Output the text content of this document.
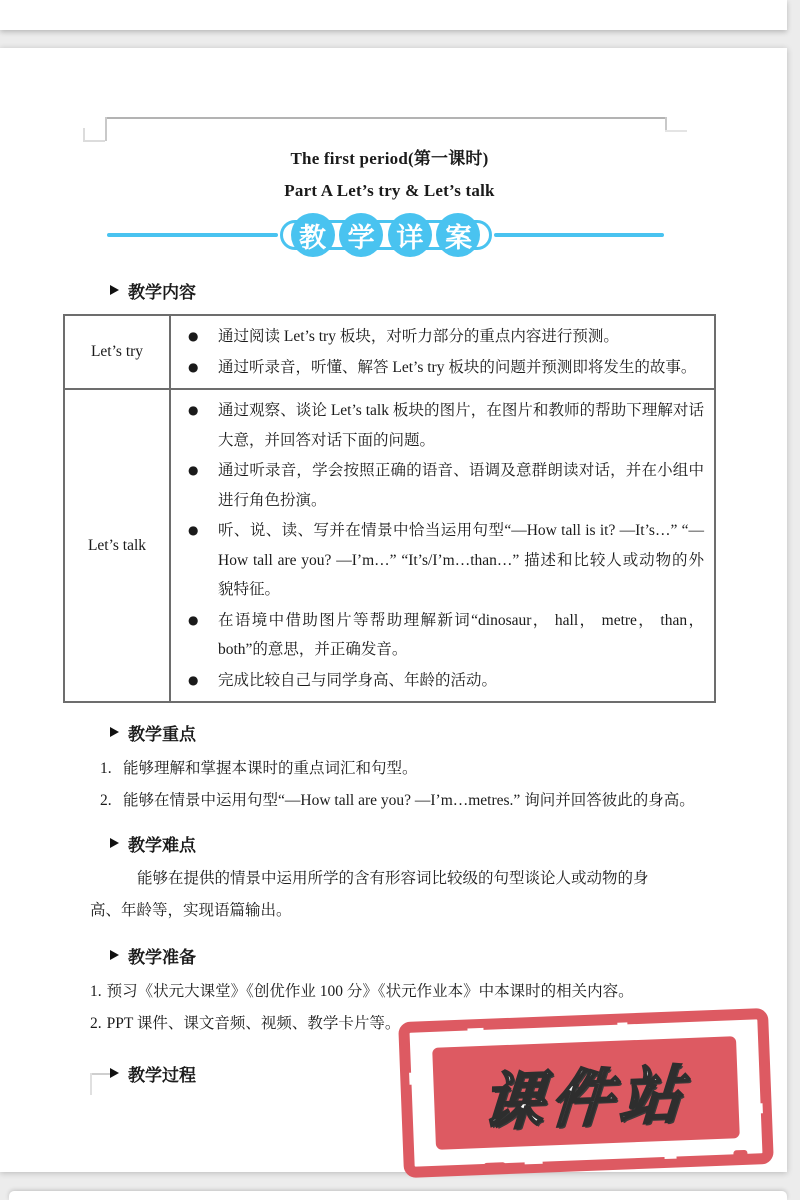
The first period(第一课时)
Part A Let’s try & Let’s talk
教 学 详 案
教学内容
Let’s try	● 通过阅读 Let’s try 板块，对听力部分的重点内容进行预测。
● 通过听录音，听懂、解答 Let’s try 板块的问题并预测即将发生的故事。

Let’s talk	
●	通过观察、谈论 Let’s talk 板块的图片，在图片和教师的帮助下理解对话大意，并回答对话下面的问题。
●	通过听录音，学会按照正确的语音、语调及意群朗读对话，并在小组中进行角色扮演。
●	听、说、读、写并在情景中恰当运用句型“—How tall is it? —It’s…” “—How tall are you? —I’m…” “It’s/I’m…than…” 描述和比较人或动物的外貌特征。
●	在语境中借助图片等帮助理解新词“dinosaur， hall， metre， than， both”的意思，并正确发音。
●	完成比较自己与同学身高、年龄的活动。
教学重点
1. 能够理解和掌握本课时的重点词汇和句型。
2. 能够在情景中运用句型“—How tall are you? —I’m…metres.” 询问并回答彼此的身高。
教学难点
能够在提供的情景中运用所学的含有形容词比较级的句型谈论人或动物的身高、年龄等，实现语篇输出。
教学准备
1. 预习《状元大课堂》《创优作业 100 分》《状元作业本》中本课时的相关内容。
2. PPT 课件、课文音频、视频、教学卡片等。
教学过程	课件站
